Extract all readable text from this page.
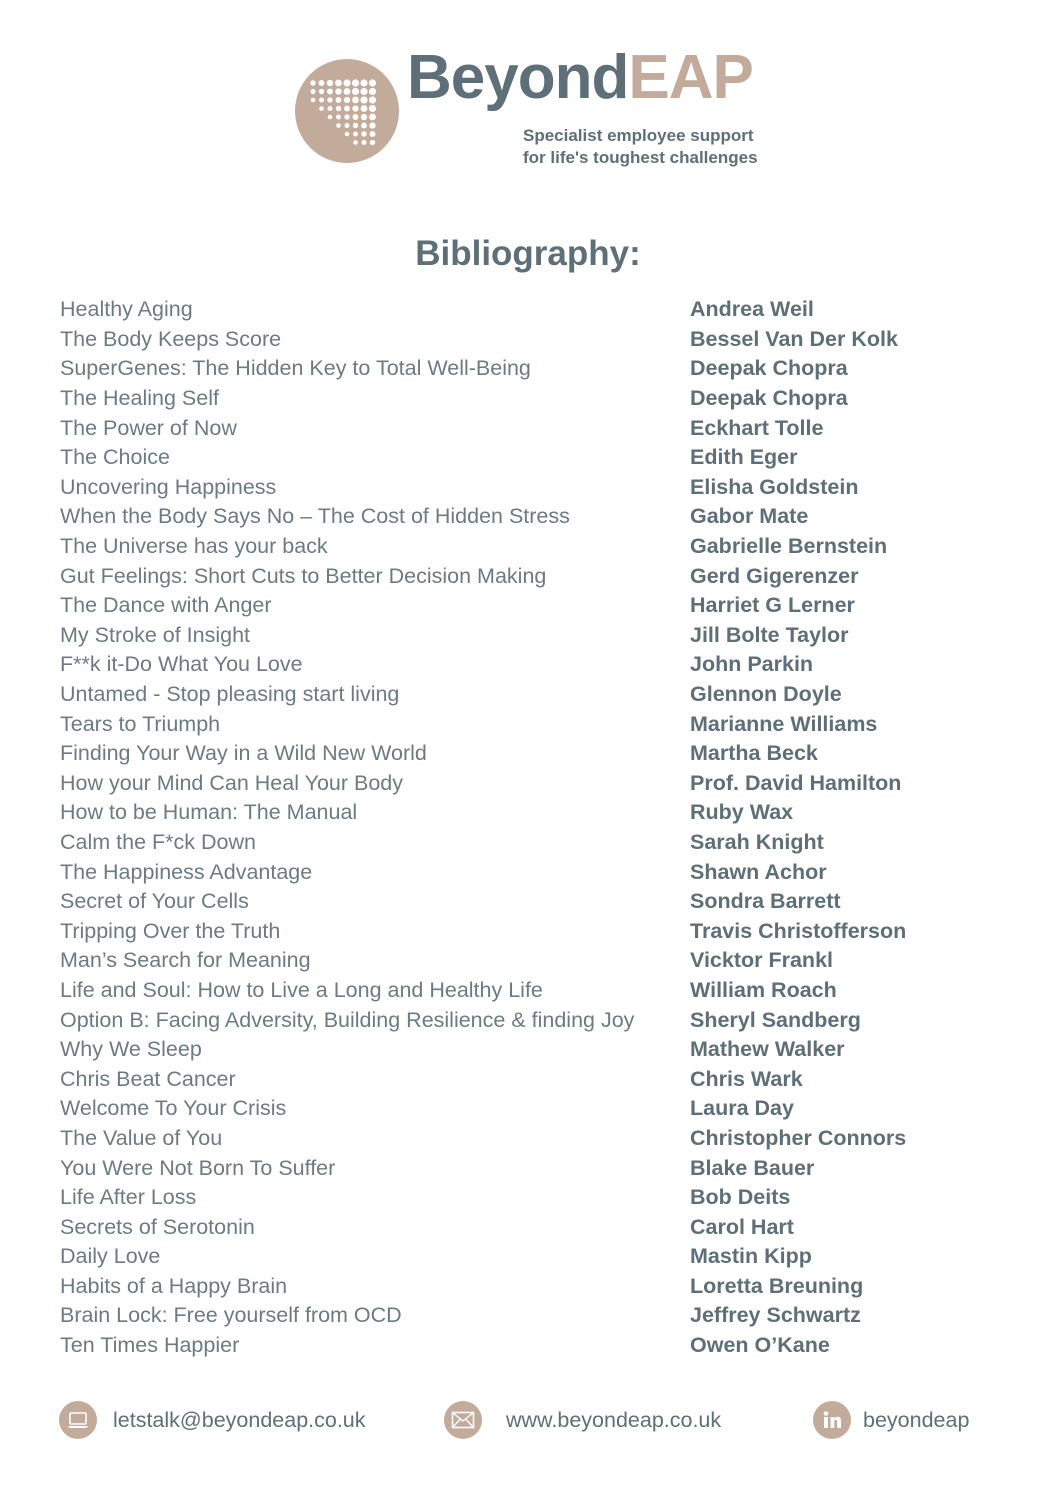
BeyondEAP
Specialist employee support
for life's toughest challenges
Bibliography:
Healthy Aging	Andrea Weil
The Body Keeps Score	Bessel Van Der Kolk
SuperGenes: The Hidden Key to Total Well-Being	Deepak Chopra
The Healing Self	Deepak Chopra
The Power of Now	Eckhart Tolle
The Choice	Edith Eger
Uncovering Happiness	Elisha Goldstein
When the Body Says No – The Cost of Hidden Stress	Gabor Mate
The Universe has your back	Gabrielle Bernstein
Gut Feelings: Short Cuts to Better Decision Making	Gerd Gigerenzer
The Dance with Anger	Harriet G Lerner
My Stroke of Insight	Jill Bolte Taylor
F**k it-Do What You Love	John Parkin
Untamed - Stop pleasing start living	Glennon Doyle
Tears to Triumph	Marianne Williams
Finding Your Way in a Wild New World	Martha Beck
How your Mind Can Heal Your Body	Prof. David Hamilton
How to be Human: The Manual	Ruby Wax
Calm the F*ck Down	Sarah Knight
The Happiness Advantage	Shawn Achor
Secret of Your Cells	Sondra Barrett
Tripping Over the Truth	Travis Christofferson
Man’s Search for Meaning	Vicktor Frankl
Life and Soul: How to Live a Long and Healthy Life	William Roach
Option B: Facing Adversity, Building Resilience & finding Joy	Sheryl Sandberg
Why We Sleep	Mathew Walker
Chris Beat Cancer	Chris Wark
Welcome To Your Crisis	Laura Day
The Value of You	Christopher Connors
You Were Not Born To Suffer	Blake Bauer
Life After Loss	Bob Deits
Secrets of Serotonin	Carol Hart
Daily Love	Mastin Kipp
Habits of a Happy Brain	Loretta Breuning
Brain Lock: Free yourself from OCD	Jeffrey Schwartz
Ten Times Happier	Owen O’Kane
letstalk@beyondeap.co.uk	www.beyondeap.co.uk	beyondeap
